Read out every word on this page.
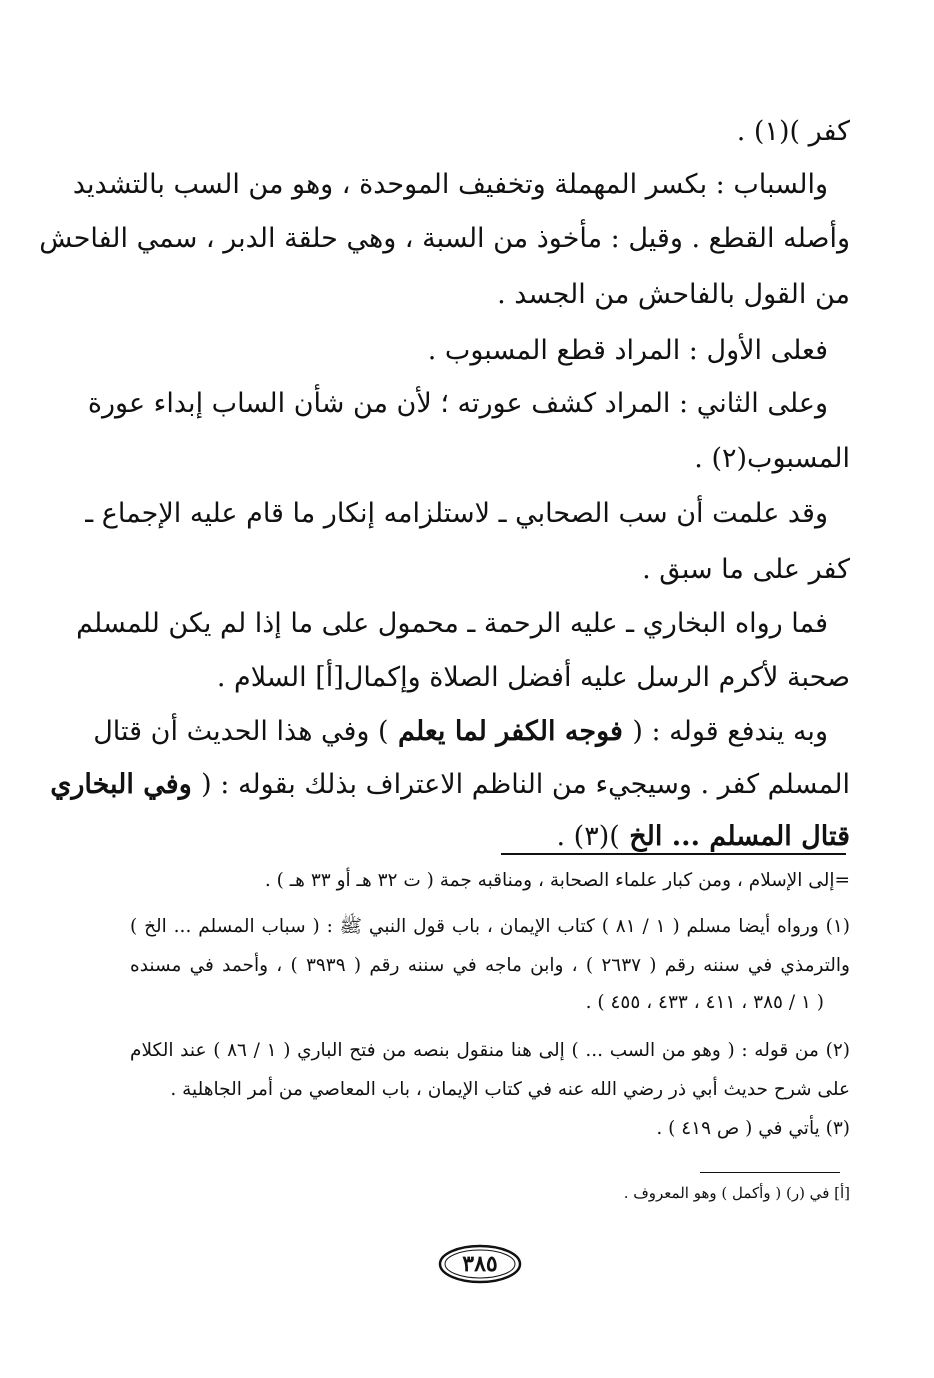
كفر )(١) .
والسباب : بكسر المهملة وتخفيف الموحدة ، وهو من السب بالتشديد
وأصله القطع . وقيل : مأخوذ من السبة ، وهي حلقة الدبر ، سمي الفاحش
من القول بالفاحش من الجسد .
فعلى الأول : المراد قطع المسبوب .
وعلى الثاني : المراد كشف عورته ؛ لأن من شأن الساب إبداء عورة
المسبوب(٢) .
وقد علمت أن سب الصحابي ـ لاستلزامه إنكار ما قام عليه الإجماع ـ
كفر على ما سبق .
فما رواه البخاري ـ عليه الرحمة ـ محمول على ما إذا لم يكن للمسلم
صحبة لأكرم الرسل عليه أفضل الصلاة وإكمال[أ] السلام .
وبه يندفع قوله : ( فوجه الكفر لما يعلم ) وفي هذا الحديث أن قتال
المسلم كفر . وسيجيء من الناظم الاعتراف بذلك بقوله : ( وفي البخاري
قتال المسلم ... الخ )(٣) .
=إلى الإسلام ، ومن كبار علماء الصحابة ، ومناقبه جمة ( ت ٣٢ هـ أو ٣٣ هـ ) .
(١) ورواه أيضا مسلم ( ١ / ٨١ ) كتاب الإيمان ، باب قول النبي ﷺ : ( سباب المسلم ... الخ )
والترمذي في سننه رقم ( ٢٦٣٧ ) ، وابن ماجه في سننه رقم ( ٣٩٣٩ ) ، وأحمد في مسنده
( ١ / ٣٨٥ ، ٤١١ ، ٤٣٣ ، ٤٥٥ ) .
(٢) من قوله : ( وهو من السب ... ) إلى هنا منقول بنصه من فتح الباري ( ١ / ٨٦ ) عند الكلام
على شرح حديث أبي ذر رضي الله عنه في كتاب الإيمان ، باب المعاصي من أمر الجاهلية .
(٣) يأتي في ( ص ٤١٩ ) .
[أ] في (ر) ( وأكمل ) وهو المعروف .
٣٨٥
